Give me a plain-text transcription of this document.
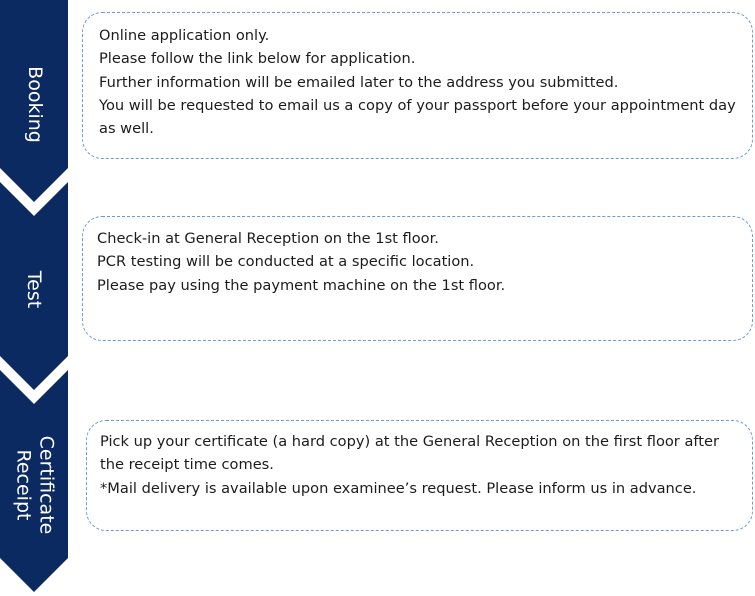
Booking
Test
Certificate
Receipt

Online application only.

Please follow the link below for application.

Further information will be emailed later to the address you submitted.

You will be requested to email us a copy of your passport before your appointment day as well.

Check-in at General Reception on the 1st floor.

PCR testing will be conducted at a specific location.

Please pay using the payment machine on the 1st floor.

Pick up your certificate (a hard copy) at the General Reception on the first floor after the receipt time comes.

*Mail delivery is available upon examinee’s request. Please inform us in advance.
